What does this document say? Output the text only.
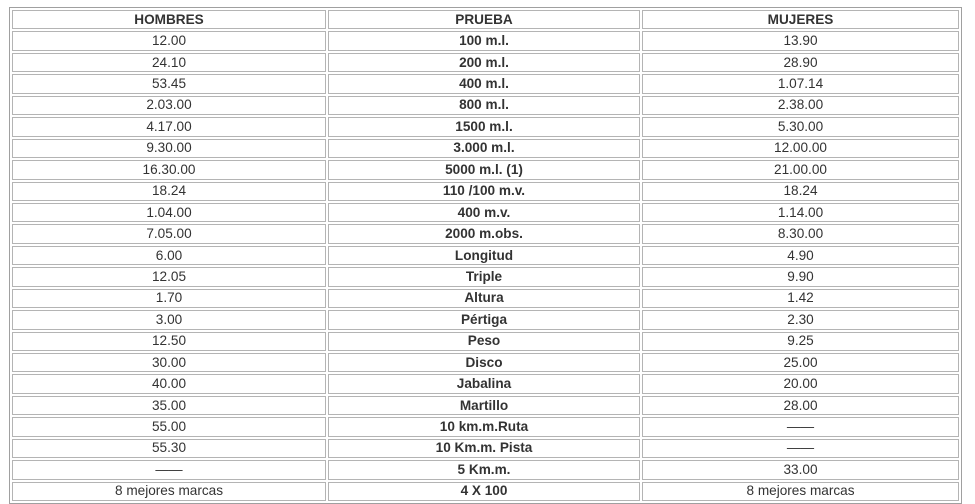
HOMBRES	PRUEBA	MUJERES
12.00	100 m.l.	13.90
24.10	200 m.l.	28.90
53.45	400 m.l.	1.07.14
2.03.00	800 m.l.	2.38.00
4.17.00	1500 m.l.	5.30.00
9.30.00	3.000 m.l.	12.00.00
16.30.00	5000 m.l. (1)	21.00.00
18.24	110 /100 m.v.	18.24
1.04.00	400 m.v.	1.14.00
7.05.00	2000 m.obs.	8.30.00
6.00	Longitud	4.90
12.05	Triple	9.90
1.70	Altura	1.42
3.00	Pértiga	2.30
12.50	Peso	9.25
30.00	Disco	25.00
40.00	Jabalina	20.00
35.00	Martillo	28.00
55.00	10 km.m.Ruta	——
55.30	10 Km.m. Pista	——
——	5 Km.m.	33.00
8 mejores marcas	4 X 100	8 mejores marcas
